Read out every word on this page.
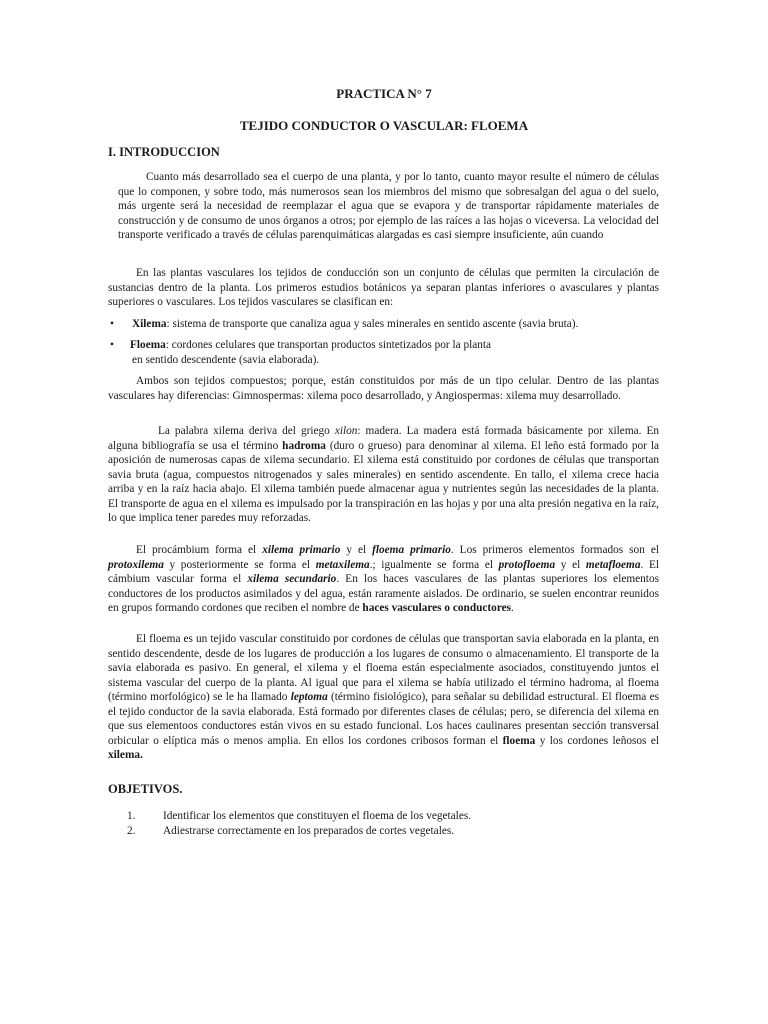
PRACTICA N° 7
TEJIDO CONDUCTOR O VASCULAR: FLOEMA
I. INTRODUCCION

Cuanto más desarrollado sea el cuerpo de una planta, y por lo tanto, cuanto mayor resulte el número de células que lo componen, y sobre todo, más numerosos sean los miembros del mismo que sobresalgan del agua o del suelo, más urgente será la necesidad de reemplazar el agua que se evapora y de transportar rápidamente materiales de construcción y de consumo de unos órganos a otros; por ejemplo de las raíces a las hojas o viceversa. La velocidad del transporte verificado a través de células parenquimáticas alargadas es casi siempre insuficiente, aún cuando

En las plantas vasculares los tejidos de conducción son un conjunto de células que permiten la circulación de sustancias dentro de la planta. Los primeros estudios botánicos ya separan plantas inferiores o avasculares y plantas superiores o vasculares. Los tejidos vasculares se clasifican en:

• Xilema: sistema de transporte que canaliza agua y sales minerales en sentido ascente (savia bruta).
• Floema: cordones celulares que transportan productos sintetizados por la planta en sentido descendente (savia elaborada).

Ambos son tejidos compuestos; porque, están constituidos por más de un tipo celular. Dentro de las plantas vasculares hay diferencias: Gimnospermas: xilema poco desarrollado, y Angiospermas: xilema muy desarrollado.

La palabra xilema deriva del griego xilon: madera. La madera está formada básicamente por xilema. En alguna bibliografía se usa el término hadroma (duro o grueso) para denominar al xilema. El leño está formado por la aposición de numerosas capas de xilema secundario. El xilema está constituido por cordones de células que transportan savia bruta (agua, compuestos nitrogenados y sales minerales) en sentido ascendente. En tallo, el xilema crece hacia arriba y en la raíz hacia abajo. El xilema también puede almacenar agua y nutrientes según las necesidades de la planta. El transporte de agua en el xilema es impulsado por la transpiración en las hojas y por una alta presión negativa en la raíz, lo que implica tener paredes muy reforzadas.

El procámbium forma el xilema primario y el floema primario. Los primeros elementos formados son el protoxilema y posteriormente se forma el metaxilema.; igualmente se forma el protofloema y el metafloema. El cámbium vascular forma el xilema secundario. En los haces vasculares de las plantas superiores los elementos conductores de los productos asimilados y del agua, están raramente aislados. De ordinario, se suelen encontrar reunidos en grupos formando cordones que reciben el nombre de haces vasculares o conductores.

El floema es un tejido vascular constituido por cordones de células que transportan savia elaborada en la planta, en sentido descendente, desde de los lugares de producción a los lugares de consumo o almacenamiento. El transporte de la savia elaborada es pasivo. En general, el xilema y el floema están especialmente asociados, constituyendo juntos el sistema vascular del cuerpo de la planta. Al igual que para el xilema se había utilizado el término hadroma, al floema (término morfológico) se le ha llamado leptoma (término fisiológico), para señalar su debilidad estructural. El floema es el tejido conductor de la savia elaborada. Está formado por diferentes clases de células; pero, se diferencia del xilema en que sus elementoos conductores están vivos en su estado funcional. Los haces caulinares presentan sección transversal orbicular o elíptica más o menos amplia. En ellos los cordones cribosos forman el floema y los cordones leñosos el xilema.

OBJETIVOS.
1. Identificar los elementos que constituyen el floema de los vegetales.
2. Adiestrarse correctamente en los preparados de cortes vegetales.
